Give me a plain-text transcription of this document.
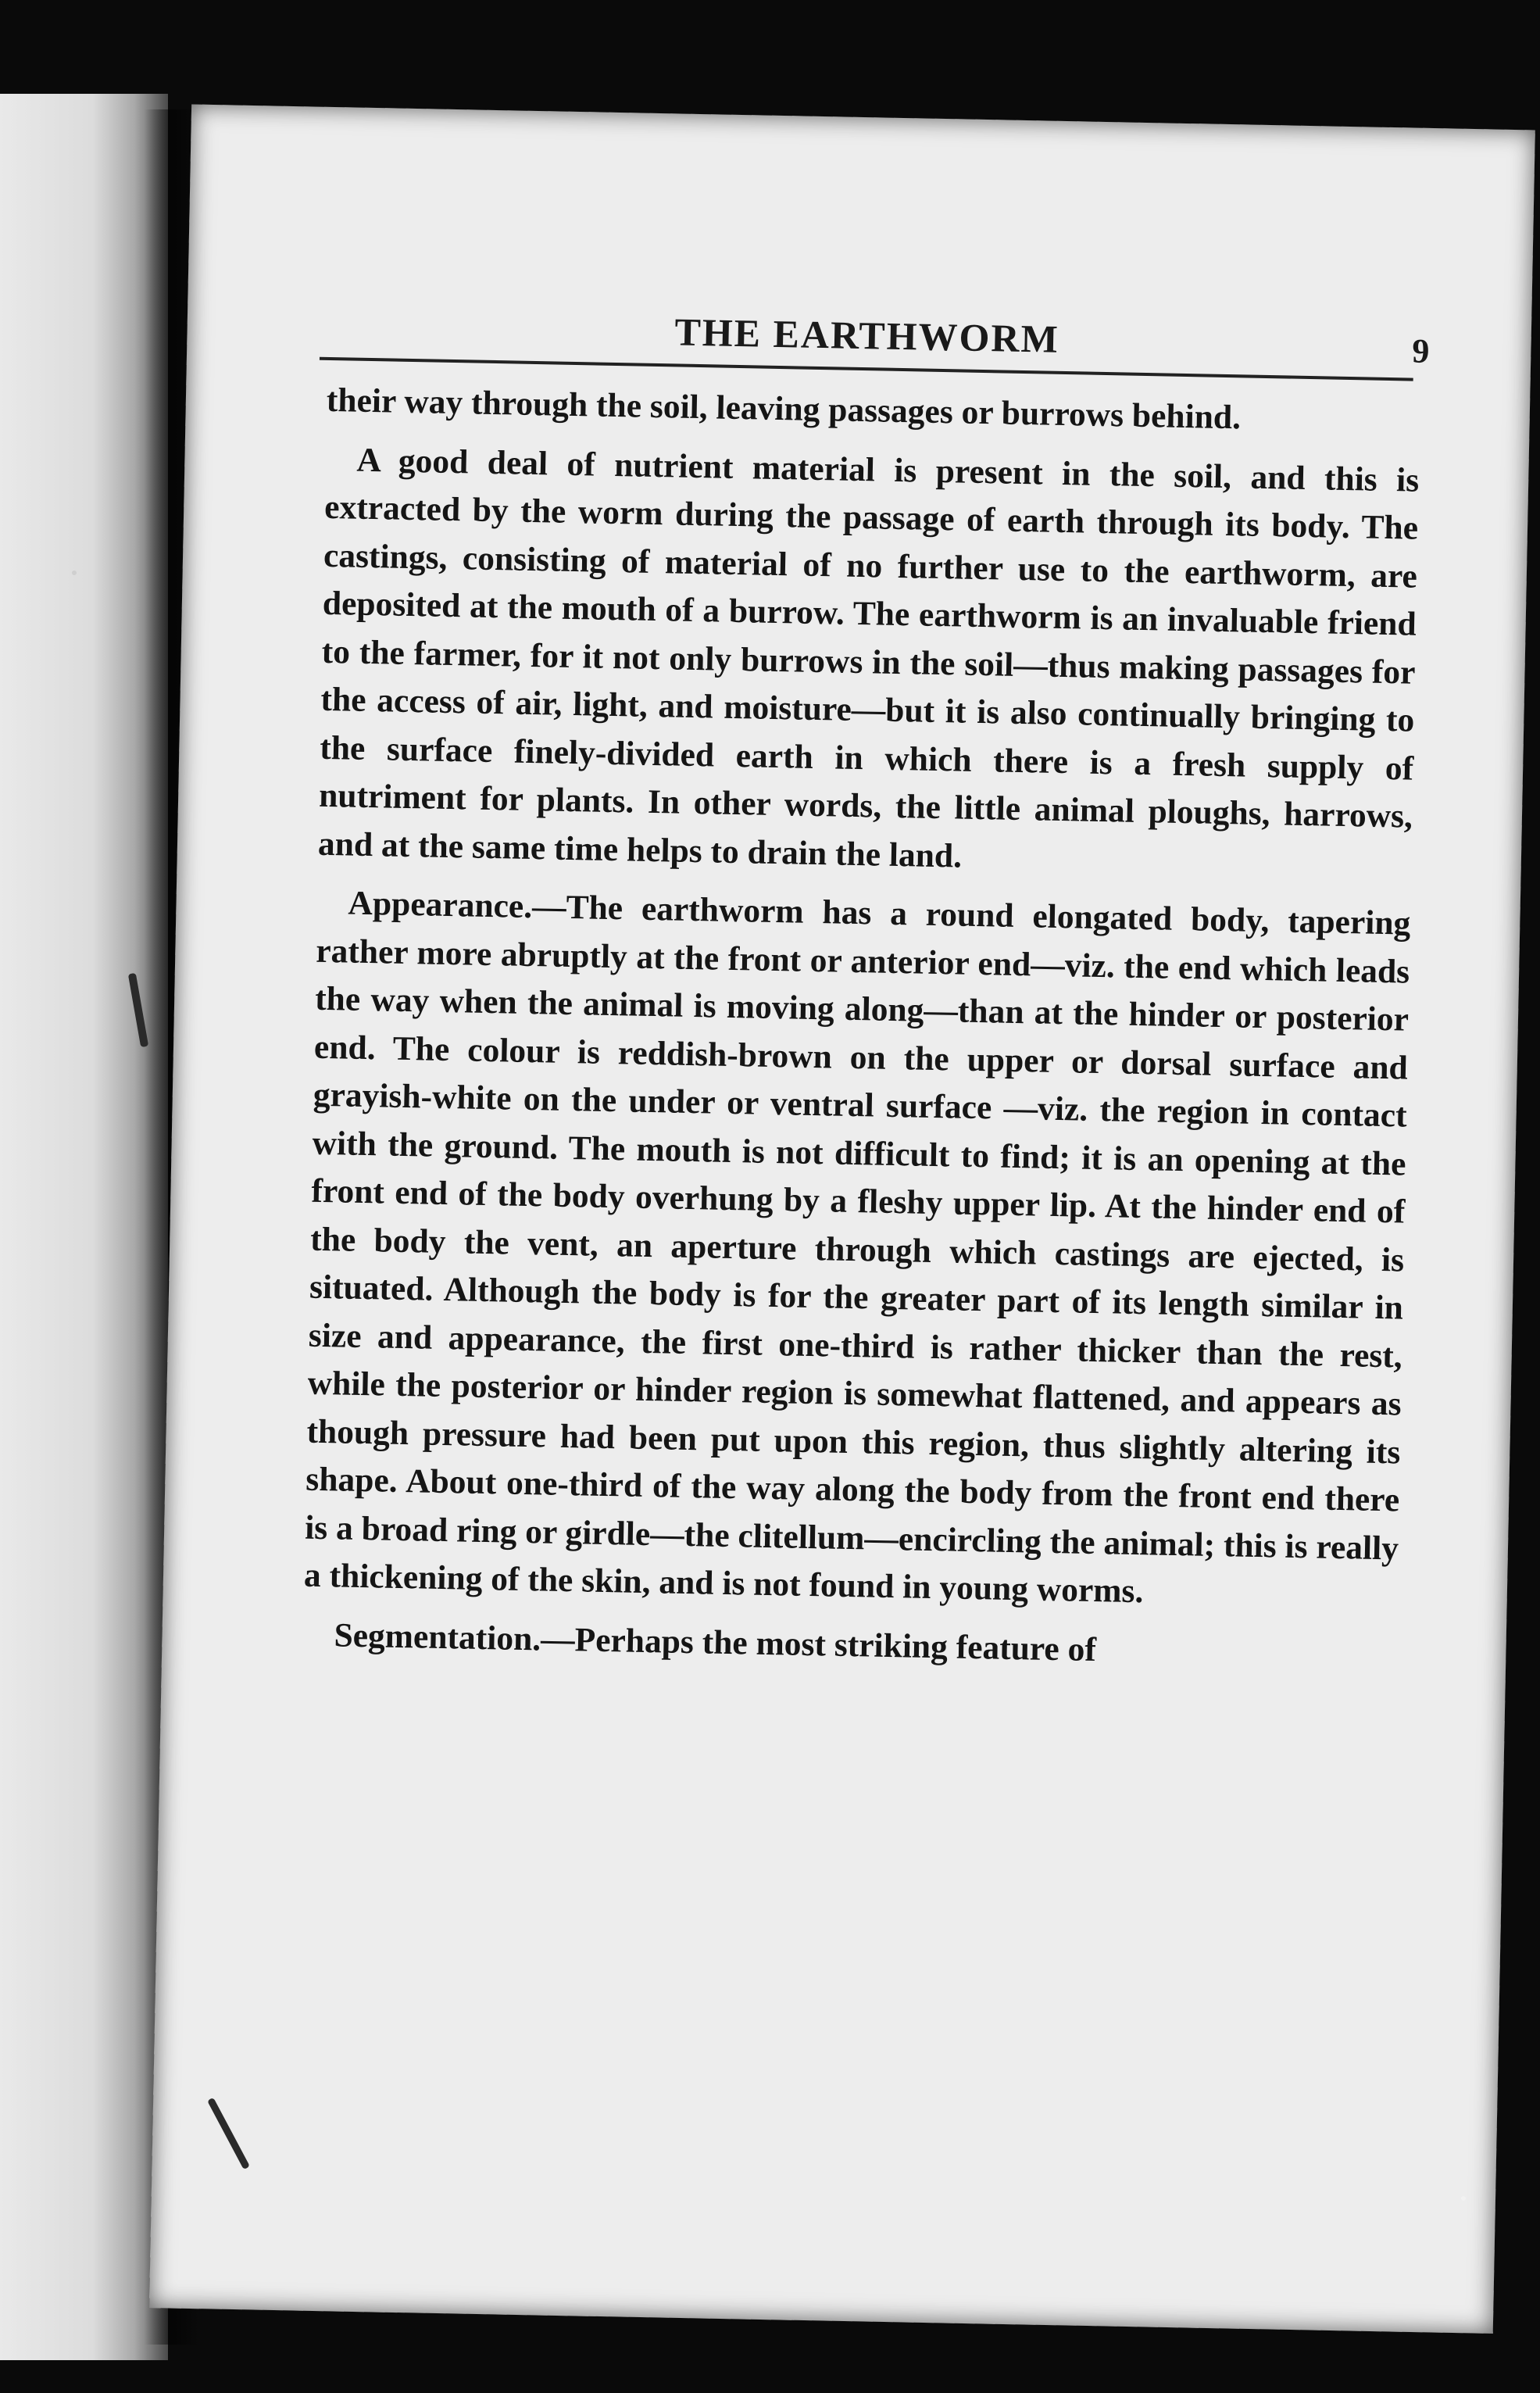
THE EARTHWORM	9

their way through the soil, leaving passages or burrows behind.

A good deal of nutrient material is present in the soil, and this is extracted by the worm during the passage of earth through its body. The castings, consisting of material of no further use to the earthworm, are deposited at the mouth of a burrow. The earthworm is an invaluable friend to the farmer, for it not only burrows in the soil—thus making passages for the access of air, light, and moisture—but it is also continually bringing to the surface finely-divided earth in which there is a fresh supply of nutriment for plants. In other words, the little animal ploughs, harrows, and at the same time helps to drain the land.

Appearance.—The earthworm has a round elongated body, tapering rather more abruptly at the front or anterior end—viz. the end which leads the way when the animal is moving along—than at the hinder or posterior end. The colour is reddish-brown on the upper or dorsal surface and grayish-white on the under or ventral surface —viz. the region in contact with the ground. The mouth is not difficult to find; it is an opening at the front end of the body overhung by a fleshy upper lip. At the hinder end of the body the vent, an aperture through which castings are ejected, is situated. Although the body is for the greater part of its length similar in size and appearance, the first one-third is rather thicker than the rest, while the posterior or hinder region is somewhat flattened, and appears as though pressure had been put upon this region, thus slightly altering its shape. About one-third of the way along the body from the front end there is a broad ring or girdle—the clitellum—encircling the animal; this is really a thickening of the skin, and is not found in young worms.

Segmentation.—Perhaps the most striking feature of
